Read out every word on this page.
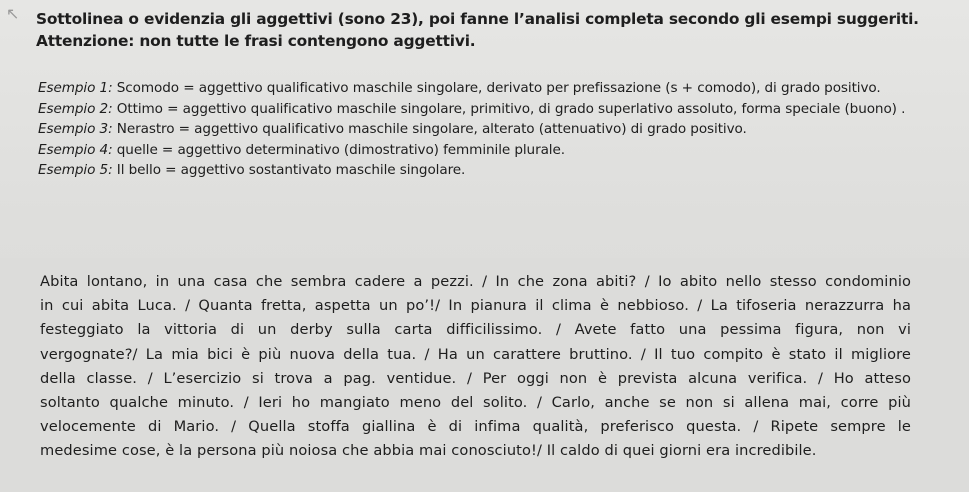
↖ Sottolinea o evidenzia gli aggettivi (sono 23), poi fanne l’analisi completa secondo gli esempi suggeriti.
Attenzione: non tutte le frasi contengono aggettivi.

Esempio 1: Scomodo = aggettivo qualificativo maschile singolare, derivato per prefissazione (s + comodo), di grado positivo.

Esempio 2: Ottimo = aggettivo qualificativo maschile singolare, primitivo, di grado superlativo assoluto, forma speciale (buono) .

Esempio 3: Nerastro = aggettivo qualificativo maschile singolare, alterato (attenuativo) di grado positivo.

Esempio 4: quelle = aggettivo determinativo (dimostrativo) femminile plurale.

Esempio 5: Il bello = aggettivo sostantivato maschile singolare.

Abita lontano, in una casa che sembra cadere a pezzi. / In che zona abiti? / Io abito nello stesso condominio
in cui abita Luca. / Quanta fretta, aspetta un po’!/ In pianura il clima è nebbioso. / La tifoseria nerazzurra ha
festeggiato la vittoria di un derby sulla carta difficilissimo. / Avete fatto una pessima figura, non vi
vergognate?/ La mia bici è più nuova della tua. / Ha un carattere bruttino. / Il tuo compito è stato il migliore
della classe. / L’esercizio si trova a pag. ventidue. / Per oggi non è prevista alcuna verifica. / Ho atteso
soltanto qualche minuto. / Ieri ho mangiato meno del solito. / Carlo, anche se non si allena mai, corre più
velocemente di Mario. / Quella stoffa giallina è di infima qualità, preferisco questa. / Ripete sempre le
medesime cose, è la persona più noiosa che abbia mai conosciuto!/ Il caldo di quei giorni era incredibile.
